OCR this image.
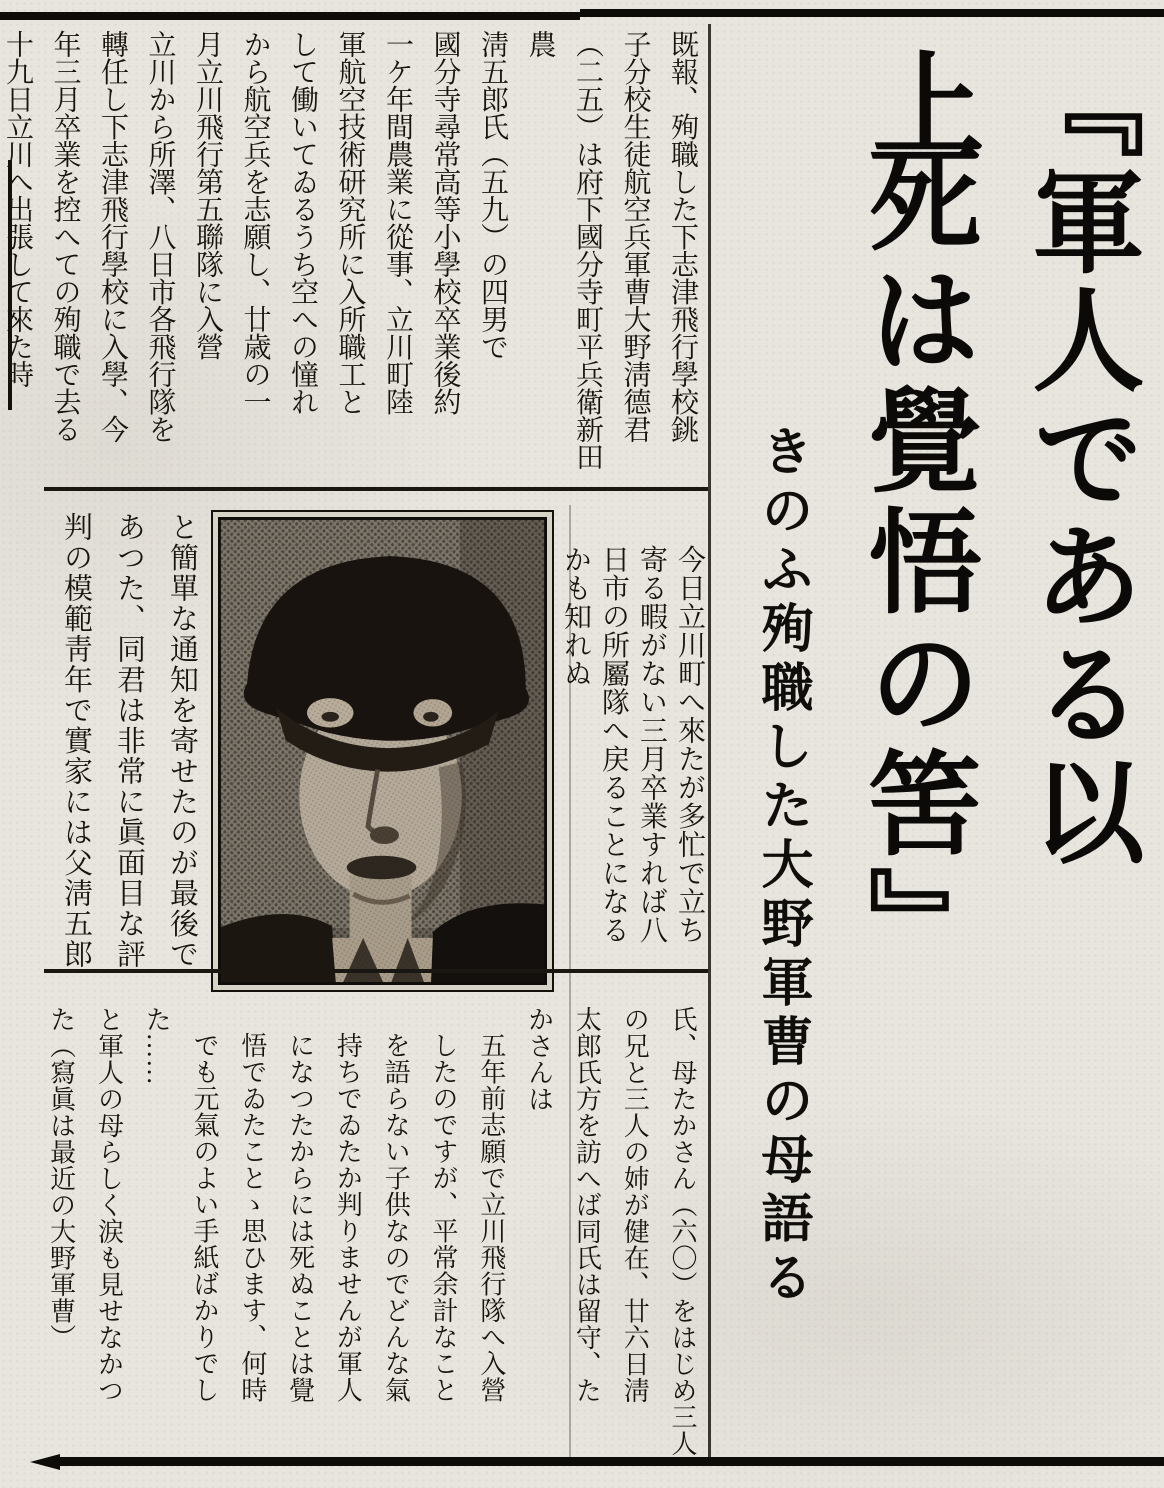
『軍人である以上
死は覺悟の筈』
きのふ殉職した大野軍曹の母語る
既報、殉職した下志津飛行學校銚
子分校生徒航空兵軍曹大野淸德君
（二五）は府下國分寺町平兵衛新田農
淸五郎氏（五九）の四男で
國分寺尋常高等小學校卒業後約
一ケ年間農業に從事、立川町陸
軍航空技術研究所に入所職工と
して働いてゐるうち空への憧れ
から航空兵を志願し、廿歳の一
月立川飛行第五聯隊に入營
立川から所澤、八日市各飛行隊を
轉任し下志津飛行學校に入學、今
年三月卒業を控へての殉職で去る
十九日立川へ出張して來た時
今日立川町へ來たが多忙で立ち
寄る暇がない三月卒業すれば八
日市の所屬隊へ戻ることになる
かも知れぬ
と簡單な通知を寄せたのが最後で
あつた、同君は非常に眞面目な評
判の模範靑年で實家には父淸五郎
氏、母たかさん（六〇）をはじめ三人
の兄と三人の姉が健在、廿六日淸
太郎氏方を訪へば同氏は留守、た
かさんは
五年前志願で立川飛行隊へ入營
したのですが、平常余計なこと
を語らない子供なのでどんな氣
持ちでゐたか判りませんが軍人
になつたからには死ぬことは覺
悟でゐたことゝ思ひます、何時
でも元氣のよい手紙ばかりでし
た……
と軍人の母らしく涙も見せなかつ
た（寫眞は最近の大野軍曹）
